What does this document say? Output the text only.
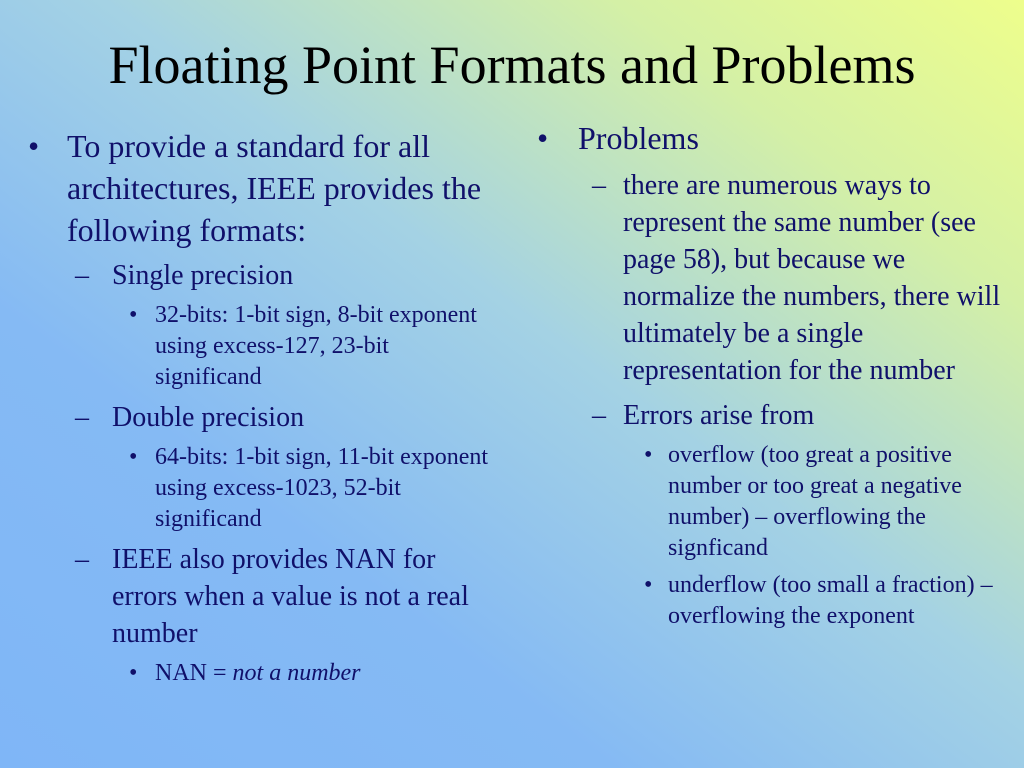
Floating Point Formats and Problems
• To provide a standard for all architectures, IEEE provides the following formats:
– Single precision
• 32-bits: 1-bit sign, 8-bit exponent using excess-127, 23-bit significand
– Double precision
• 64-bits: 1-bit sign, 11-bit exponent using excess-1023, 52-bit significand
– IEEE also provides NAN for errors when a value is not a real number
• NAN = not a number
• Problems
– there are numerous ways to represent the same number (see page 58), but because we normalize the numbers, there will ultimately be a single representation for the number
– Errors arise from
• overflow (too great a positive number or too great a negative number) – overflowing the signficand
• underflow (too small a fraction) – overflowing the exponent
